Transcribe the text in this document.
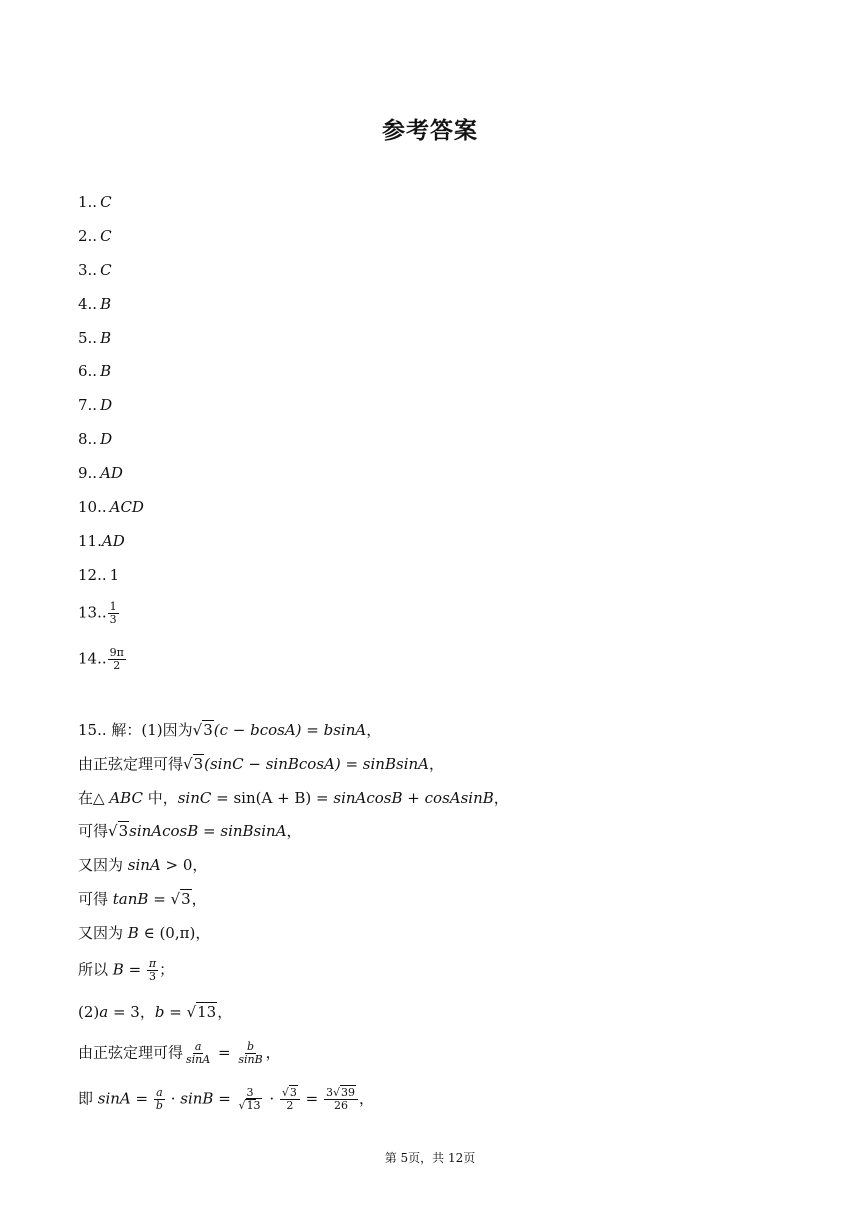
参考答案
1.. C
2.. C
3.. C
4.. B
5.. B
6.. B
7.. D
8.. D
9.. AD
10.. ACD
11.AD
12.. 1
13.. $\frac{1}{3}$
14.. $\frac{9\pi}{2}$
15.. 解：(1)因为√3(c − bcosA) = bsinA，
由正弦定理可得√3(sinC − sinBcosA) = sinBsinA，
在△ ABC 中，sinC = sin(A + B) = sinAcosB + cosAsinB，
可得√3sinAcosB = sinBsinA，
又因为 sinA > 0，
可得 tanB = √3，
又因为 B ∈ (0,π)，
所以 $B = \frac{\pi}{3}$ ；
(2)a = 3，b = √13，
由正弦定理可得 $\frac{a}{\sin A} = \frac{b}{\sin B}$ ，
即 $\sin A = \frac{a}{b} \cdot \sin B = \frac{3}{√13} \cdot \frac{√3}{2} = \frac{3√39}{26}$ ，
第 5页，共 12页
